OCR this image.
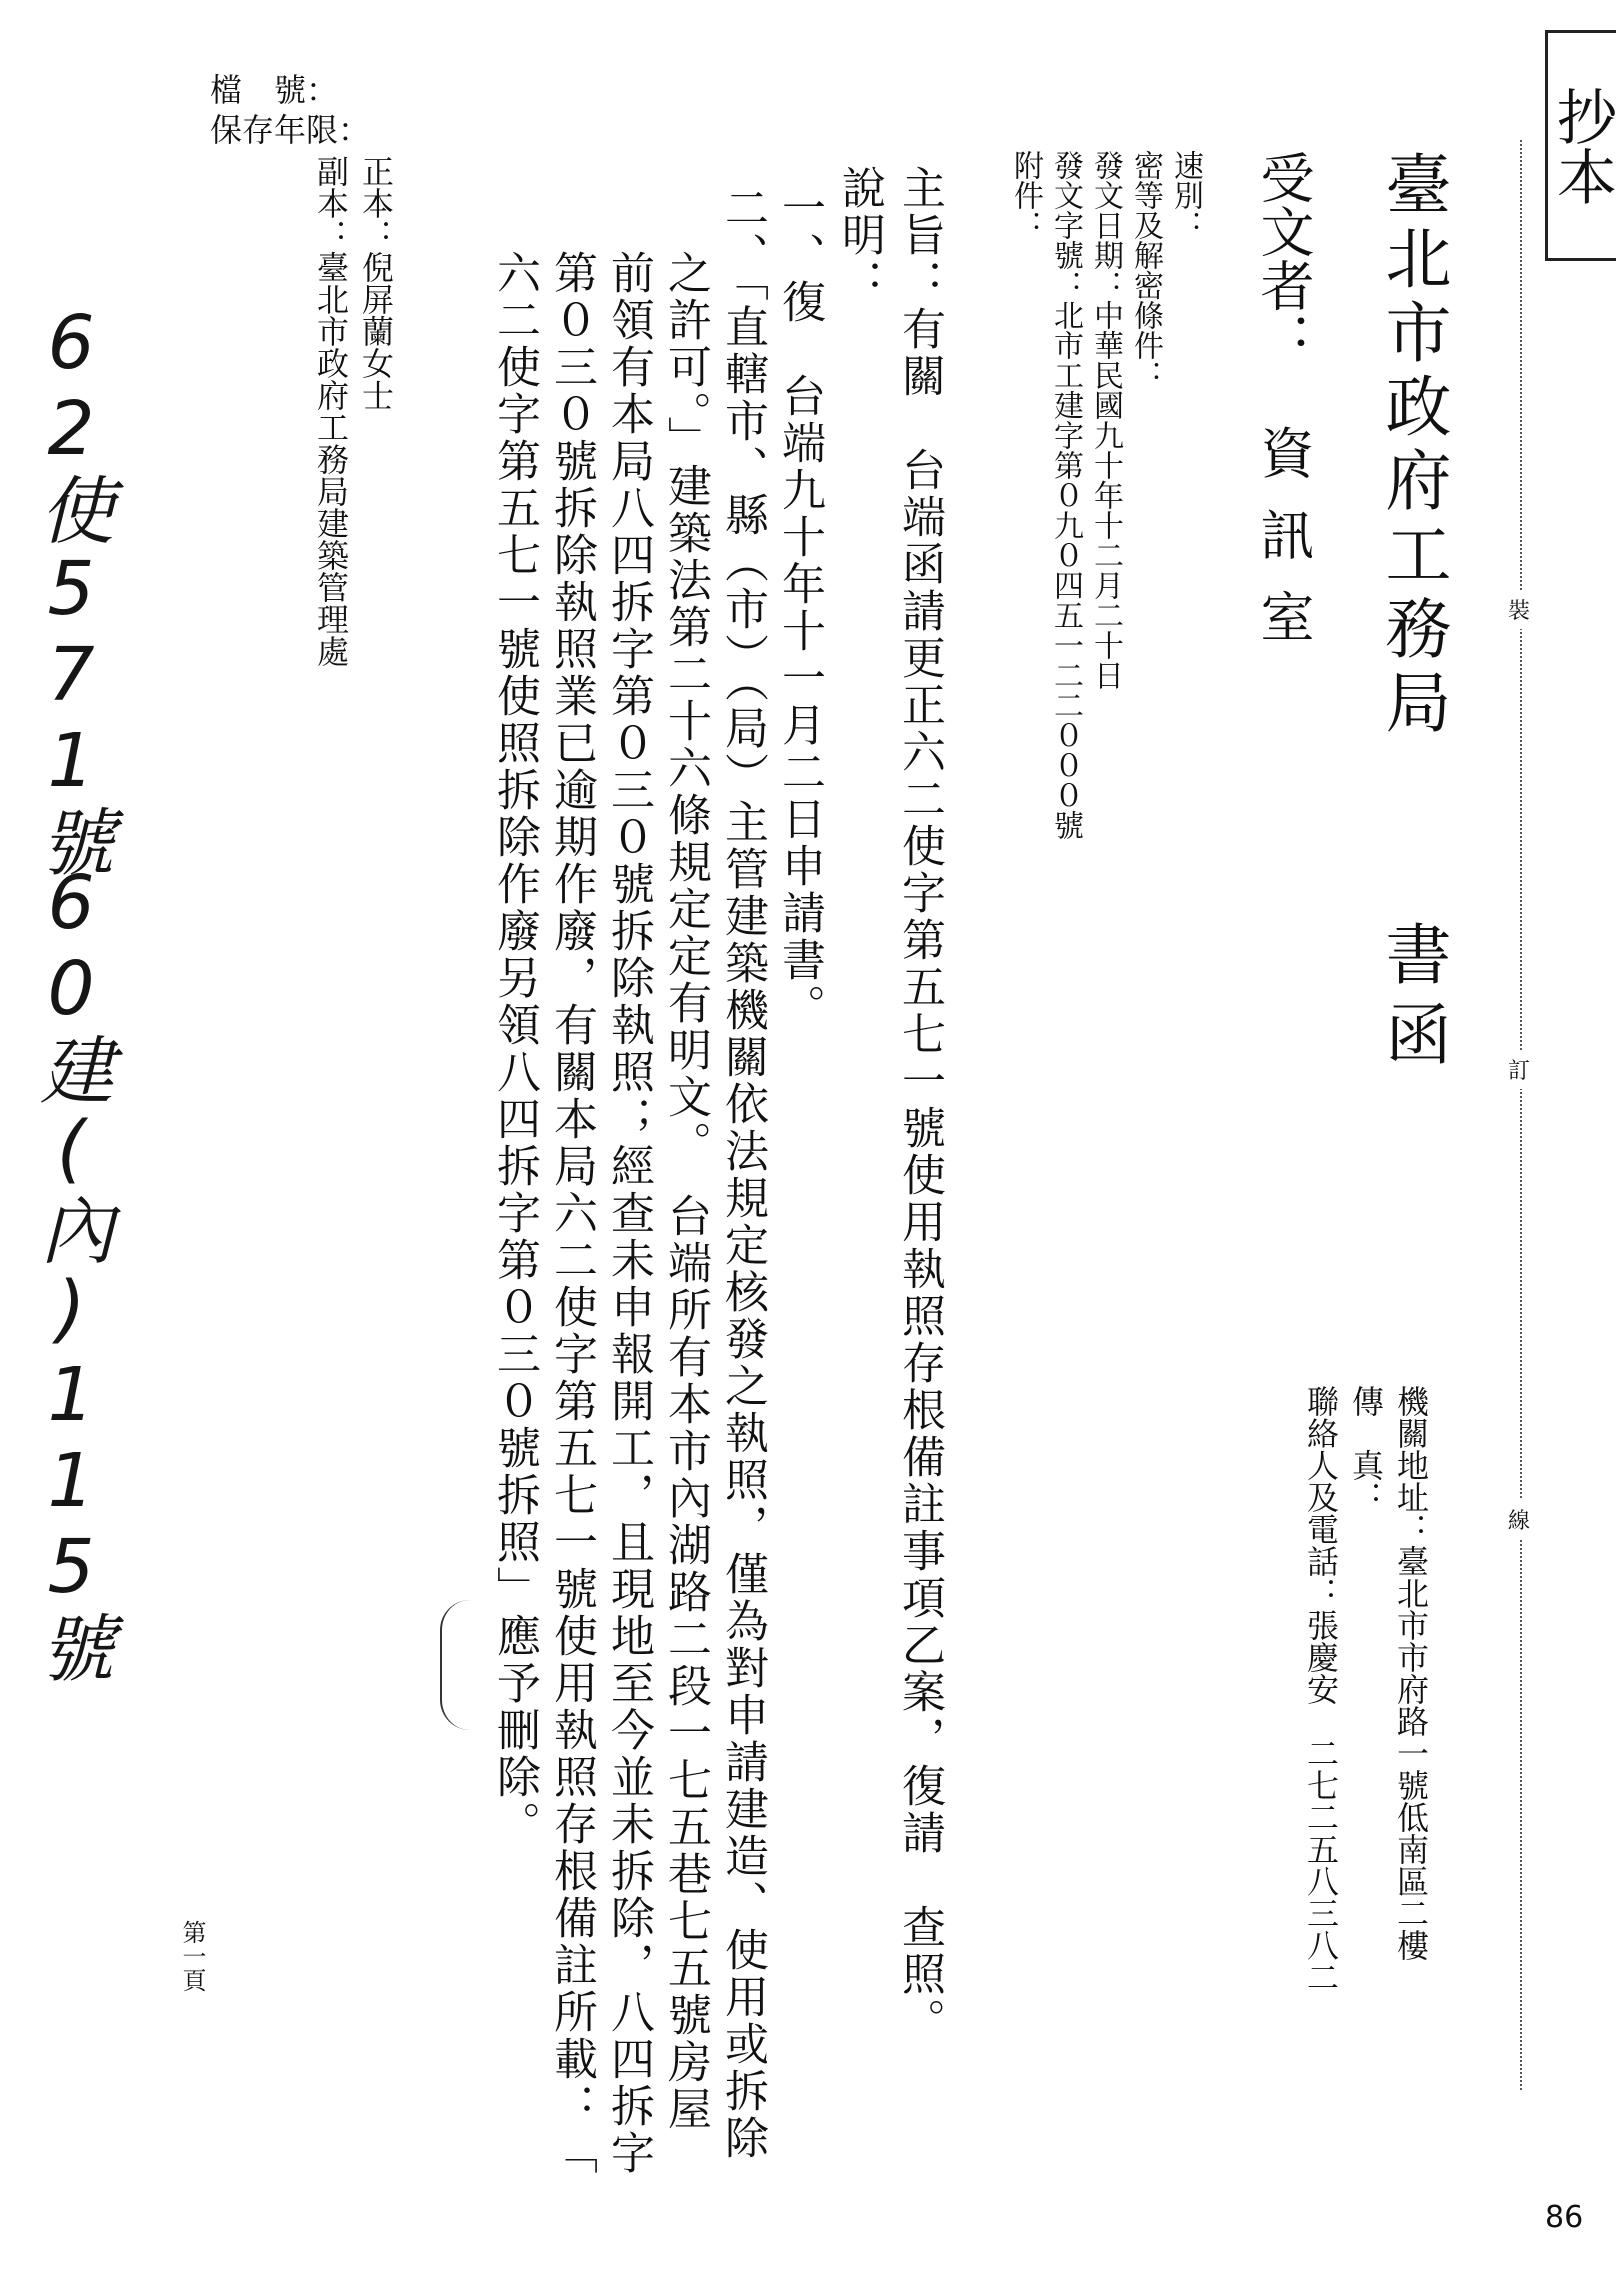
抄本
裝
訂
線
臺北市政府工務局
書函
受文者：
資訊室
速別：
密等及解密條件：
發文日期：中華民國九十年十二月二十日
發文字號：北市工建字第０九０四五一二二０００號
附件：
主旨：有關　台端函請更正六二使字第五七一號使用執照存根備註事項乙案，復請　查照。
說明：
一、復　台端九十年十一月二日申請書。
二、「直轄市、縣（市）（局）主管建築機關依法規定核發之執照，僅為對申請建造、使用或拆除
之許可。」建築法第二十六條規定定有明文。　台端所有本市內湖路二段一七五巷七五號房屋
前領有本局八四拆字第０三０號拆除執照；經查未申報開工，且現地至今並未拆除，八四拆字
第０三０號拆除執照業已逾期作廢，有關本局六二使字第五七一號使用執照存根備註所載：「
六二使字第五七一號使照拆除作廢另領八四拆字第０三０號拆照」應予刪除。	機關地址：臺北市市府路一號低南區二樓
傳　真：
聯絡人及電話：張慶安　二七二五八三八二
正本：倪屏蘭女士
副本：臺北市政府工務局建築管理處
檔　號：
保存年限：
62使571號
60建(內)115號
第一頁
86
